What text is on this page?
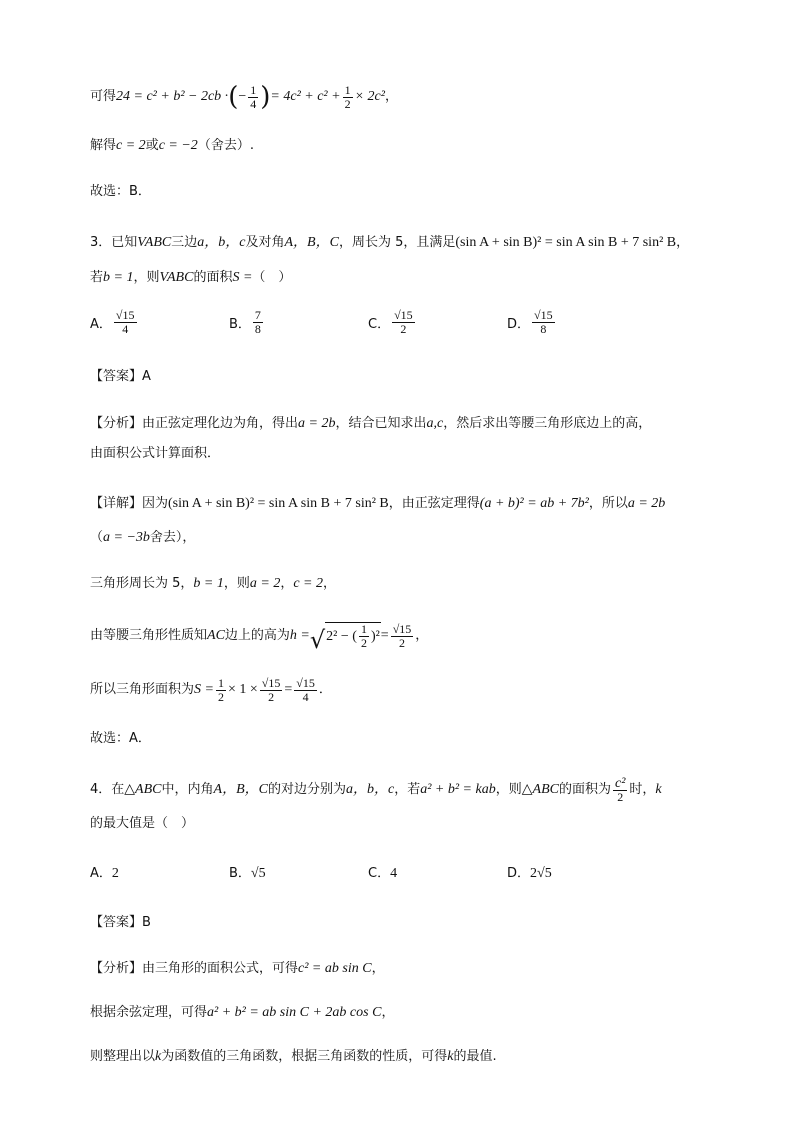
可得 24 = c² + b² − 2cb · ( − $\frac{1}{4}$ ) = $4c^2 + c^2 + \frac{1}{2} \times 2c^2$ ，
解得 c = 2 或 c = −2 （舍去）.
故选：B．
3．已知 VABC 三边 a，b，c 及对角 A，B，C ，周长为 5，且满足 (sin A + sin B)² = sin A sin B + 7 sin² B ，
若 b = 1 ，则 VABC 的面积 S = （　）
A． $\frac{√15}{4}$	B． $\frac{7}{8}$	C． $\frac{√15}{2}$	D． $\frac{√15}{8}$
【答案】A
【分析】由正弦定理化边为角，得出 a = 2b ，结合已知求出 a,c ，然后求出等腰三角形底边上的高，
由面积公式计算面积．
【详解】因为 (sin A + sin B)² = sin A sin B + 7 sin² B ，由正弦定理得 (a + b)² = ab + 7b² ，所以 a = 2b
（ a = −3b 舍去），
三角形周长为 5， b = 1 ，则 a = 2 ， c = 2 ，
由等腰三角形性质知 AC 边上的高为 h = √ 2² − ( $\frac{1}{2} )^2 = \frac{√15}{2}$ ，
所以三角形面积为 $S = \frac{1}{2} \times 1 \times \frac{√15}{2} = \frac{√15}{4}$ ．
故选：A．
4．在 △ABC 中，内角 A，B，C 的对边分别为 a，b，c ，若 a² + b² = kab ，则 △ABC 的面积为 $\frac{\text{c²}}{2}$ 时， k
的最大值是（　）
A． 2	B． √5	C． 4	D． 2√5
【答案】B
【分析】由三角形的面积公式，可得 c² = ab sin C ，
根据余弦定理，可得 a² + b² = ab sin C + 2ab cos C ，
则整理出以 k 为函数值的三角函数，根据三角函数的性质，可得 k 的最值.
